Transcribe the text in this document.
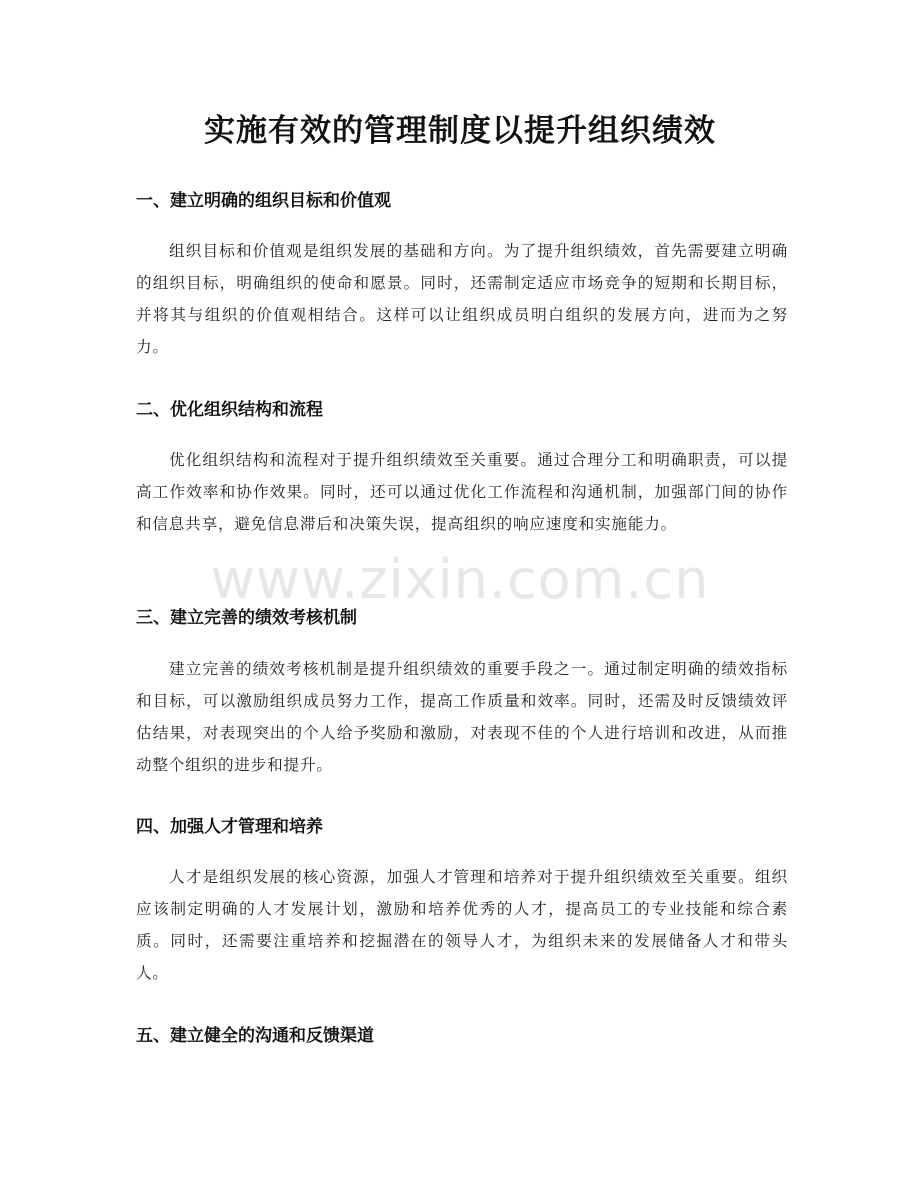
实施有效的管理制度以提升组织绩效
一、建立明确的组织目标和价值观

组织目标和价值观是组织发展的基础和方向。为了提升组织绩效，首先需要建立明确的组织目标，明确组织的使命和愿景。同时，还需制定适应市场竞争的短期和长期目标，并将其与组织的价值观相结合。这样可以让组织成员明白组织的发展方向，进而为之努力。

二、优化组织结构和流程

优化组织结构和流程对于提升组织绩效至关重要。通过合理分工和明确职责，可以提高工作效率和协作效果。同时，还可以通过优化工作流程和沟通机制，加强部门间的协作和信息共享，避免信息滞后和决策失误，提高组织的响应速度和实施能力。

三、建立完善的绩效考核机制

建立完善的绩效考核机制是提升组织绩效的重要手段之一。通过制定明确的绩效指标和目标，可以激励组织成员努力工作，提高工作质量和效率。同时，还需及时反馈绩效评估结果，对表现突出的个人给予奖励和激励，对表现不佳的个人进行培训和改进，从而推动整个组织的进步和提升。

四、加强人才管理和培养

人才是组织发展的核心资源，加强人才管理和培养对于提升组织绩效至关重要。组织应该制定明确的人才发展计划，激励和培养优秀的人才，提高员工的专业技能和综合素质。同时，还需要注重培养和挖掘潜在的领导人才，为组织未来的发展储备人才和带头人。

五、建立健全的沟通和反馈渠道
www.zixin.com.cn
